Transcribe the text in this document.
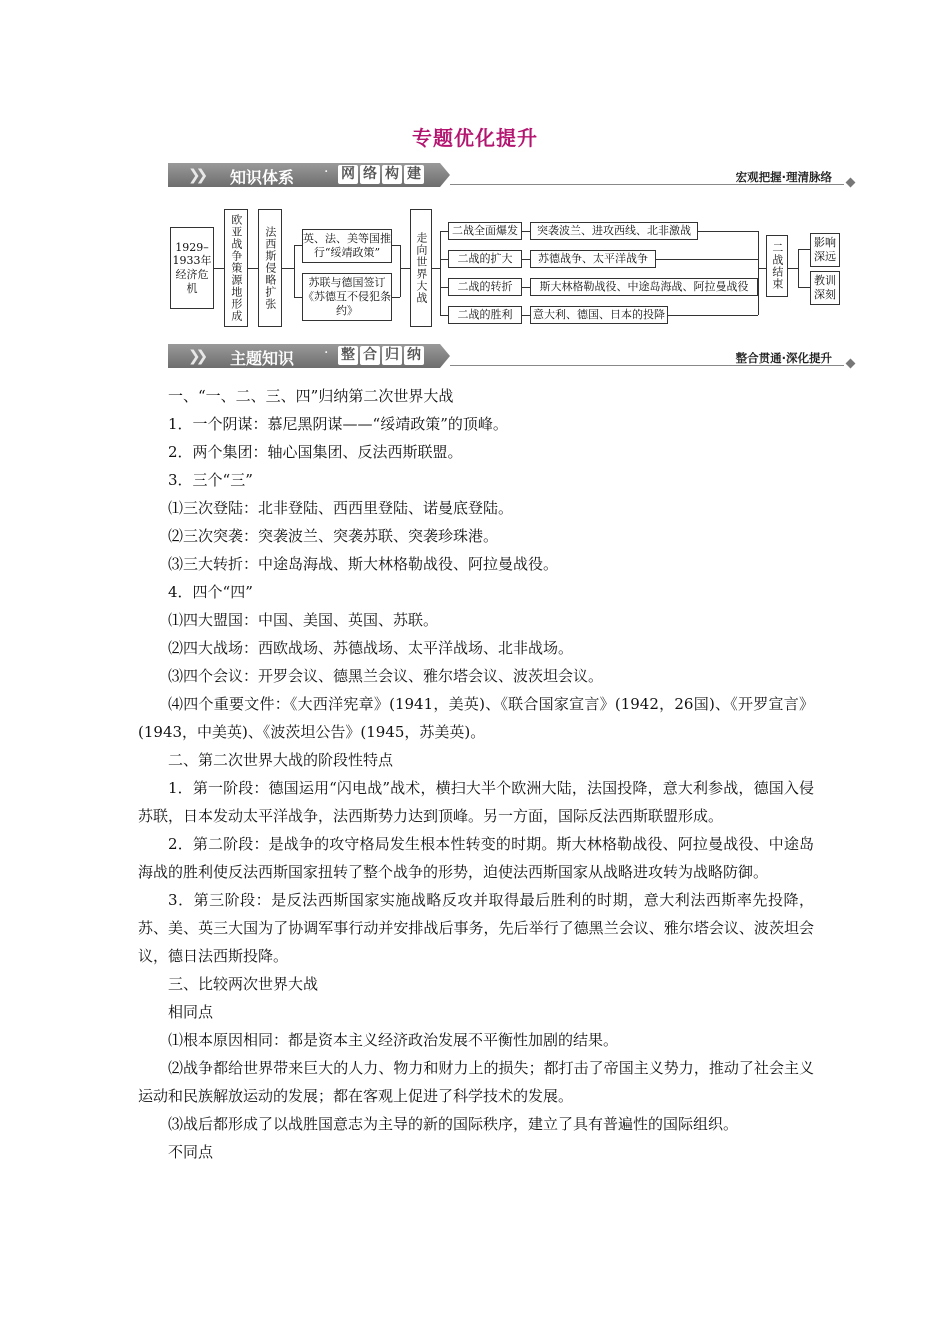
专题优化提升
❯❯ 知识体系 · 网 络 构 建	宏观把握·理清脉络
1929–1933年经济危机	欧亚战争策源地形成	法西斯侵略扩张	英、法、美等国推行“绥靖政策”
苏联与德国签订《苏德互不侵犯条约》
走向世界大战
二战全面爆发
二战的扩大
二战的转折
二战的胜利
突袭波兰、进攻西线、北非激战
苏德战争、太平洋战争
斯大林格勒战役、中途岛海战、阿拉曼战役
意大利、德国、日本的投降
二战结束	影响深远
教训深刻
❯❯ 主题知识 · 整 合 归 纳	整合贯通·深化提升

一、“一、二、三、四”归纳第二次世界大战

1．一个阴谋：慕尼黑阴谋——“绥靖政策”的顶峰。

2．两个集团：轴心国集团、反法西斯联盟。

3．三个“三”

⑴三次登陆：北非登陆、西西里登陆、诺曼底登陆。

⑵三次突袭：突袭波兰、突袭苏联、突袭珍珠港。

⑶三大转折：中途岛海战、斯大林格勒战役、阿拉曼战役。

4．四个“四”

⑴四大盟国：中国、美国、英国、苏联。

⑵四大战场：西欧战场、苏德战场、太平洋战场、北非战场。

⑶四个会议：开罗会议、德黑兰会议、雅尔塔会议、波茨坦会议。

⑷四个重要文件：《大西洋宪章》(1941，美英)、《联合国家宣言》(1942，26国)、《开罗宣言》(1943，中美英)、《波茨坦公告》(1945，苏美英)。

二、第二次世界大战的阶段性特点

1．第一阶段：德国运用“闪电战”战术，横扫大半个欧洲大陆，法国投降，意大利参战，德国入侵苏联，日本发动太平洋战争，法西斯势力达到顶峰。另一方面，国际反法西斯联盟形成。

2．第二阶段：是战争的攻守格局发生根本性转变的时期。斯大林格勒战役、阿拉曼战役、中途岛海战的胜利使反法西斯国家扭转了整个战争的形势，迫使法西斯国家从战略进攻转为战略防御。

3．第三阶段：是反法西斯国家实施战略反攻并取得最后胜利的时期，意大利法西斯率先投降，苏、美、英三大国为了协调军事行动并安排战后事务，先后举行了德黑兰会议、雅尔塔会议、波茨坦会议，德日法西斯投降。

三、比较两次世界大战

相同点

⑴根本原因相同：都是资本主义经济政治发展不平衡性加剧的结果。

⑵战争都给世界带来巨大的人力、物力和财力上的损失；都打击了帝国主义势力，推动了社会主义运动和民族解放运动的发展；都在客观上促进了科学技术的发展。

⑶战后都形成了以战胜国意志为主导的新的国际秩序，建立了具有普遍性的国际组织。

不同点
